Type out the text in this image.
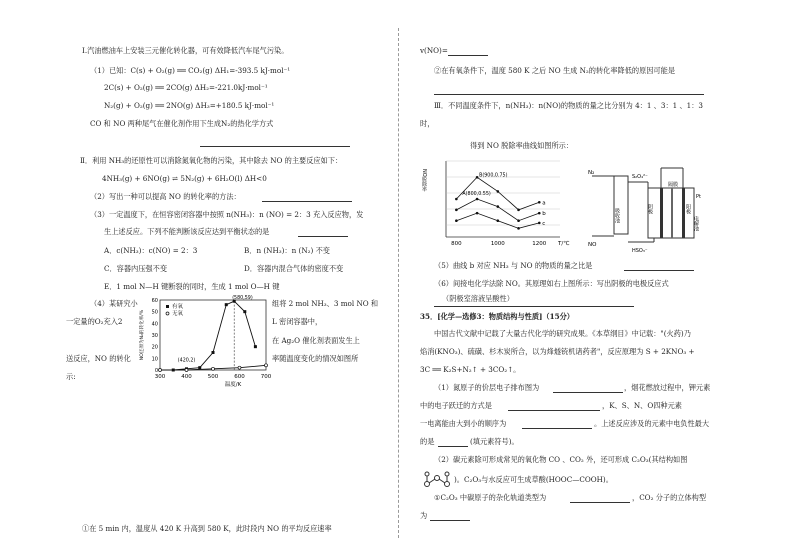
Ⅰ.汽油燃油车上安装三元催化转化器，可有效降低汽车尾气污染。
（1）已知：C(s) + O₂(g) ══ CO₂(g) ΔH₁=-393.5 kJ·mol⁻¹
2C(s) + O₂(g) ══ 2CO(g) ΔH₂=-221.0kJ·mol⁻¹
N₂(g) + O₂(g) ══ 2NO(g) ΔH₃=+180.5 kJ·mol⁻¹
CO 和 NO 两种尾气在催化剂作用下生成N₂的热化学方式
Ⅱ．利用 NH₃的还原性可以消除氮氧化物的污染，其中除去 NO 的主要反应如下：
4NH₃(g) + 6NO(g) ⇌ 5N₂(g) + 6H₂O(l) ΔH<0
（2）写出一种可以提高 NO 的转化率的方法：
（3）一定温度下，在恒容密闭容器中按照 n(NH₃)：n (NO) = 2：3 充入反应物，发
生上述反应。下列不能判断该反应达到平衡状态的是
A．c(NH₃)：c(NO) = 2：3	B．n (NH₃)：n (N₂) 不变
C．容器内压强不变	D．容器内混合气体的密度不变
E．1 mol N—H 键断裂的同时，生成 1 mol O—H 键
（4）某研究小
一定量的O₂充入2
送反应，NO 的转化
示:
组将 2 mol NH₃、3 mol NO 和
L 密闭容器中，
在 Ag₂O 催化剂表面发生上
率随温度变化的情况如图所
300	400	500	600	700
0
10
20
30
40
50
60
温度/K
NO还原为N₂的转化率/%
有氧
无氧
(580,59)
(420,2)
①在 5 min 内，温度从 420 K 升高到 580 K，此时段内 NO 的平均反应速率
v(NO)=
②在有氧条件下，温度 580 K 之后 NO 生成 N₂的转化率降低的原因可能是
Ⅲ．不同温度条件下，n(NH₃)：n(NO)的物质的量之比分别为 4：1 、3：1 、1：3
时，
得到 NO 脱除率曲线如图所示：
800	1000	1200 T/℃
NO脱除率
a
b
c
B(900,0.75)
A(800,0.55)
N₂
NO
S₂O₄²⁻
HSO₃⁻
吸收池	阴极	阳极
隔膜
Pt
电解池
（5）曲线 b 对应 NH₃ 与 NO 的物质的量之比是
（6）间接电化学法除 NO。其原理如右上图所示：写出阴极的电极反应式
（阴极室溶液呈酸性）
35．[化学—选修3：物质结构与性质]（15分）
中国古代文献中记载了大量古代化学的研究成果。《本草纲目》中记载："(火药)乃
焰消(KNO₃)、硫磺、杉木炭所合，以为烽燧铳机诸药者"，反应原理为 S + 2KNO₃ +
3C ══ K₂S+N₂↑ + 3CO₂↑。
（1）氮原子的价层电子排布图为	，烟花燃放过程中，钾元素
中的电子跃迁的方式是	，K、S、N、O四种元素
一电离能由大到小的顺序为	。上述反应涉及的元素中电负性最大
的是	(填元素符号)。
（2）碳元素除可形成常见的氧化物 CO 、CO₂ 外，还可形成 C₂O₃(其结构如图
)。C₂O₃与水反应可生成草酸(HOOC—COOH)。
①C₂O₃ 中碳原子的杂化轨道类型为	，CO₂ 分子的立体构型
为
